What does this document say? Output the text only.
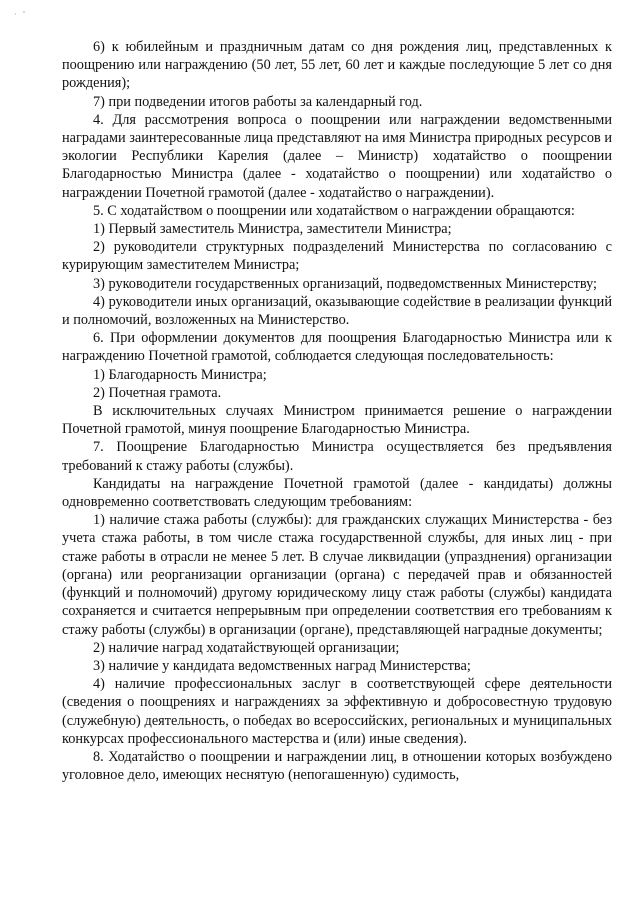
· ˇ

6) к юбилейным и праздничным датам со дня рождения лиц, представленных к поощрению или награждению (50 лет, 55 лет, 60 лет и каждые последующие 5 лет со дня рождения);

7) при подведении итогов работы за календарный год.

4. Для рассмотрения вопроса о поощрении или награждении ведомственными наградами заинтересованные лица представляют на имя Министра природных ресурсов и экологии Республики Карелия (далее – Министр) ходатайство о поощрении Благодарностью Министра (далее - ходатайство о поощрении) или ходатайство о награждении Почетной грамотой (далее - ходатайство о награждении).

5. С ходатайством о поощрении или ходатайством о награждении обращаются:

1) Первый заместитель Министра, заместители Министра;

2) руководители структурных подразделений Министерства по согласованию с курирующим заместителем Министра;

3) руководители государственных организаций, подведомственных Министерству;

4) руководители иных организаций, оказывающие содействие в реализации функций и полномочий, возложенных на Министерство.

6. При оформлении документов для поощрения Благодарностью Министра или к награждению Почетной грамотой, соблюдается следующая последовательность:

1) Благодарность Министра;

2) Почетная грамота.

В исключительных случаях Министром принимается решение о награждении Почетной грамотой, минуя поощрение Благодарностью Министра.

7. Поощрение Благодарностью Министра осуществляется без предъявления требований к стажу работы (службы).

Кандидаты на награждение Почетной грамотой (далее - кандидаты) должны одновременно соответствовать следующим требованиям:

1) наличие стажа работы (службы): для гражданских служащих Министерства - без учета стажа работы, в том числе стажа государственной службы, для иных лиц - при стаже работы в отрасли не менее 5 лет. В случае ликвидации (упразднения) организации (органа) или реорганизации организации (органа) с передачей прав и обязанностей (функций и полномочий) другому юридическому лицу стаж работы (службы) кандидата сохраняется и считается непрерывным при определении соответствия его требованиям к стажу работы (службы) в организации (органе), представляющей наградные документы;

2) наличие наград ходатайствующей организации;

3) наличие у кандидата ведомственных наград Министерства;

4) наличие профессиональных заслуг в соответствующей сфере деятельности (сведения о поощрениях и награждениях за эффективную и добросовестную трудовую (служебную) деятельность, о победах во всероссийских, региональных и муниципальных конкурсах профессионального мастерства и (или) иные сведения).

8. Ходатайство о поощрении и награждении лиц, в отношении которых возбуждено уголовное дело, имеющих неснятую (непогашенную) судимость,
